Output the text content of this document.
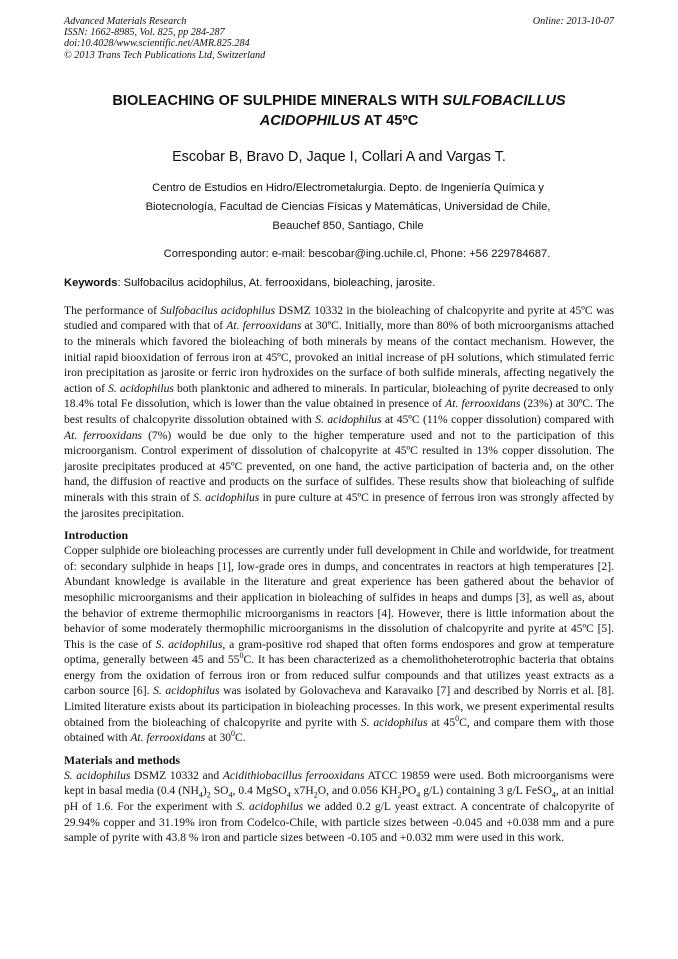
Advanced Materials Research
ISSN: 1662-8985, Vol. 825, pp 284-287
doi:10.4028/www.scientific.net/AMR.825.284
© 2013 Trans Tech Publications Ltd, Switzerland
Online: 2013-10-07
BIOLEACHING OF SULPHIDE MINERALS WITH SULFOBACILLUS ACIDOPHILUS AT 45ºC
Escobar B, Bravo D, Jaque I, Collari A and Vargas T.
Centro de Estudios en Hidro/Electrometalurgia. Depto. de Ingeniería Química y
Biotecnología, Facultad de Ciencias Físicas y Matemáticas, Universidad de Chile,
Beauchef 850, Santiago, Chile
Corresponding autor: e-mail: bescobar@ing.uchile.cl, Phone: +56 229784687.
Keywords: Sulfobacilus acidophilus, At. ferrooxidans, bioleaching, jarosite.
The performance of Sulfobacilus acidophilus DSMZ 10332 in the bioleaching of chalcopyrite and pyrite at 45ºC was studied and compared with that of At. ferrooxidans at 30ºC. Initially, more than 80% of both microorganisms attached to the minerals which favored the bioleaching of both minerals by means of the contact mechanism. However, the initial rapid biooxidation of ferrous iron at 45ºC, provoked an initial increase of pH solutions, which stimulated ferric iron precipitation as jarosite or ferric iron hydroxides on the surface of both sulfide minerals, affecting negatively the action of S. acidophilus both planktonic and adhered to minerals. In particular, bioleaching of pyrite decreased to only 18.4% total Fe dissolution, which is lower than the value obtained in presence of At. ferrooxidans (23%) at 30ºC. The best results of chalcopyrite dissolution obtained with S. acidophilus at 45ºC (11% copper dissolution) compared with At. ferrooxidans (7%) would be due only to the higher temperature used and not to the participation of this microorganism. Control experiment of dissolution of chalcopyrite at 45ºC resulted in 13% copper dissolution. The jarosite precipitates produced at 45ºC prevented, on one hand, the active participation of bacteria and, on the other hand, the diffusion of reactive and products on the surface of sulfides. These results show that bioleaching of sulfide minerals with this strain of S. acidophilus in pure culture at 45ºC in presence of ferrous iron was strongly affected by the jarosites precipitation.
Introduction

Copper sulphide ore bioleaching processes are currently under full development in Chile and worldwide, for treatment of: secondary sulphide in heaps [1], low-grade ores in dumps, and concentrates in reactors at high temperatures [2]. Abundant knowledge is available in the literature and great experience has been gathered about the behavior of mesophilic microorganisms and their application in bioleaching of sulfides in heaps and dumps [3], as well as, about the behavior of extreme thermophilic microorganisms in reactors [4]. However, there is little information about the behavior of some moderately thermophilic microorganisms in the dissolution of chalcopyrite and pyrite at 45ºC [5]. This is the case of S. acidophilus, a gram-positive rod shaped that often forms endospores and grow at temperature optima, generally between 45 and $55^0C$. It has been characterized as a chemolithoheterotrophic bacteria that obtains energy from the oxidation of ferrous iron or from reduced sulfur compounds and that utilizes yeast extracts as a carbon source [6]. S. acidophilus was isolated by Golovacheva and Karavaiko [7] and described by Norris et al. [8]. Limited literature exists about its participation in bioleaching processes. In this work, we present experimental results obtained from the bioleaching of chalcopyrite and pyrite with S. acidophilus at $45^0C$, and compare them with those obtained with At. ferrooxidans at $30^0C$.

Materials and methods

S. acidophilus DSMZ 10332 and Acidithiobacillus ferrooxidans ATCC 19859 were used. Both microorganisms were kept in basal media (0.4 $(NH_4)_2$ $SO_4$, 0.4 MgSO$_4$ $x7H_2O$, and 0.056 $KH_2PO_4$ g/L) containing 3 g/L FeSO$_4$, at an initial pH of 1.6. For the experiment with S. acidophilus we added 0.2 g/L yeast extract. A concentrate of chalcopyrite of 29.94% copper and 31.19% iron from Codelco-Chile, with particle sizes between -0.045 and +0.038 mm and a pure sample of pyrite with 43.8 % iron and particle sizes between -0.105 and +0.032 mm were used in this work.
